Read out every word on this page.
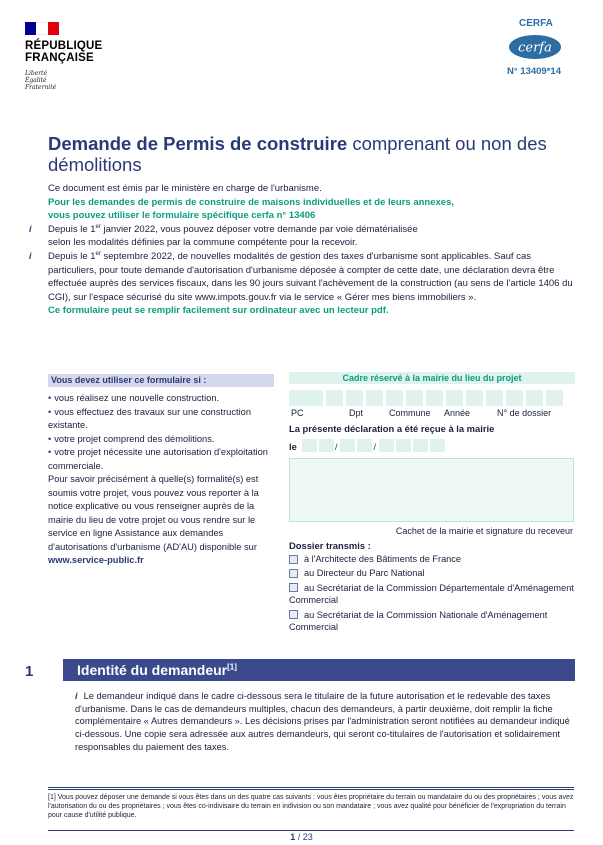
RÉPUBLIQUE
FRANÇAISE
Liberté
Égalité
Fraternité
CERFA
cerfa
N° 13409*14
Demande de Permis de construire comprenant ou non des démolitions

Ce document est émis par le ministère en charge de l'urbanisme.

Pour les demandes de permis de construire de maisons individuelles et de leurs annexes,

vous pouvez utiliser le formulaire spécifique cerfa n° 13406

i Depuis le 1er janvier 2022, vous pouvez déposer votre demande par voie dématérialisée

selon les modalités définies par la commune compétente pour la recevoir.

i Depuis le 1er septembre 2022, de nouvelles modalités de gestion des taxes d'urbanisme sont applicables. Sauf cas particuliers, pour toute demande d'autorisation d'urbanisme déposée à compter de cette date, une déclaration devra être effectuée auprès des services fiscaux, dans les 90 jours suivant l'achèvement de la construction (au sens de l'article 1406 du CGI), sur l'espace sécurisé du site www.impots.gouv.fr via le service « Gérer mes biens immobiliers ».

Ce formulaire peut se remplir facilement sur ordinateur avec un lecteur pdf.

Vous devez utiliser ce formulaire si :
• vous réalisez une nouvelle construction.
• vous effectuez des travaux sur une construction existante.
• votre projet comprend des démolitions.
• votre projet nécessite une autorisation d'exploitation commerciale.
Pour savoir précisément à quelle(s) formalité(s) est soumis votre projet, vous pouvez vous reporter à la notice explicative ou vous renseigner auprès de la mairie du lieu de votre projet ou vous rendre sur le service en ligne Assistance aux demandes d'autorisations d'urbanisme (AD'AU) disponible sur www.service-public.fr
Cadre réservé à la mairie du lieu du projet
PC	Dpt	Commune Année	N° de dossier
La présente déclaration a été reçue à la mairie
le	/	/
Cachet de la mairie et signature du receveur
Dossier transmis :
à l'Architecte des Bâtiments de France
au Directeur du Parc National
au Secrétariat de la Commission Départementale d'Aménagement Commercial
au Secrétariat de la Commission Nationale d'Aménagement Commercial
1	Identité du demandeur[1]
i Le demandeur indiqué dans le cadre ci-dessous sera le titulaire de la future autorisation et le redevable des taxes d'urbanisme. Dans le cas de demandeurs multiples, chacun des demandeurs, à partir deuxième, doit remplir la fiche complémentaire « Autres demandeurs ». Les décisions prises par l'administration seront notifiées au demandeur indiqué ci-dessous. Une copie sera adressée aux autres demandeurs, qui seront co-titulaires de l'autorisation et solidairement responsables du paiement des taxes.
[1] Vous pouvez déposer une demande si vous êtes dans un des quatre cas suivants : vous êtes propriétaire du terrain ou mandataire du ou des propriétaires ; vous avez l'autorisation du ou des propriétaires ; vous êtes co-indivisaire du terrain en indivision ou son mandataire ; vous avez qualité pour bénéficier de l'expropriation du terrain pour cause d'utilité publique.
1 / 23
